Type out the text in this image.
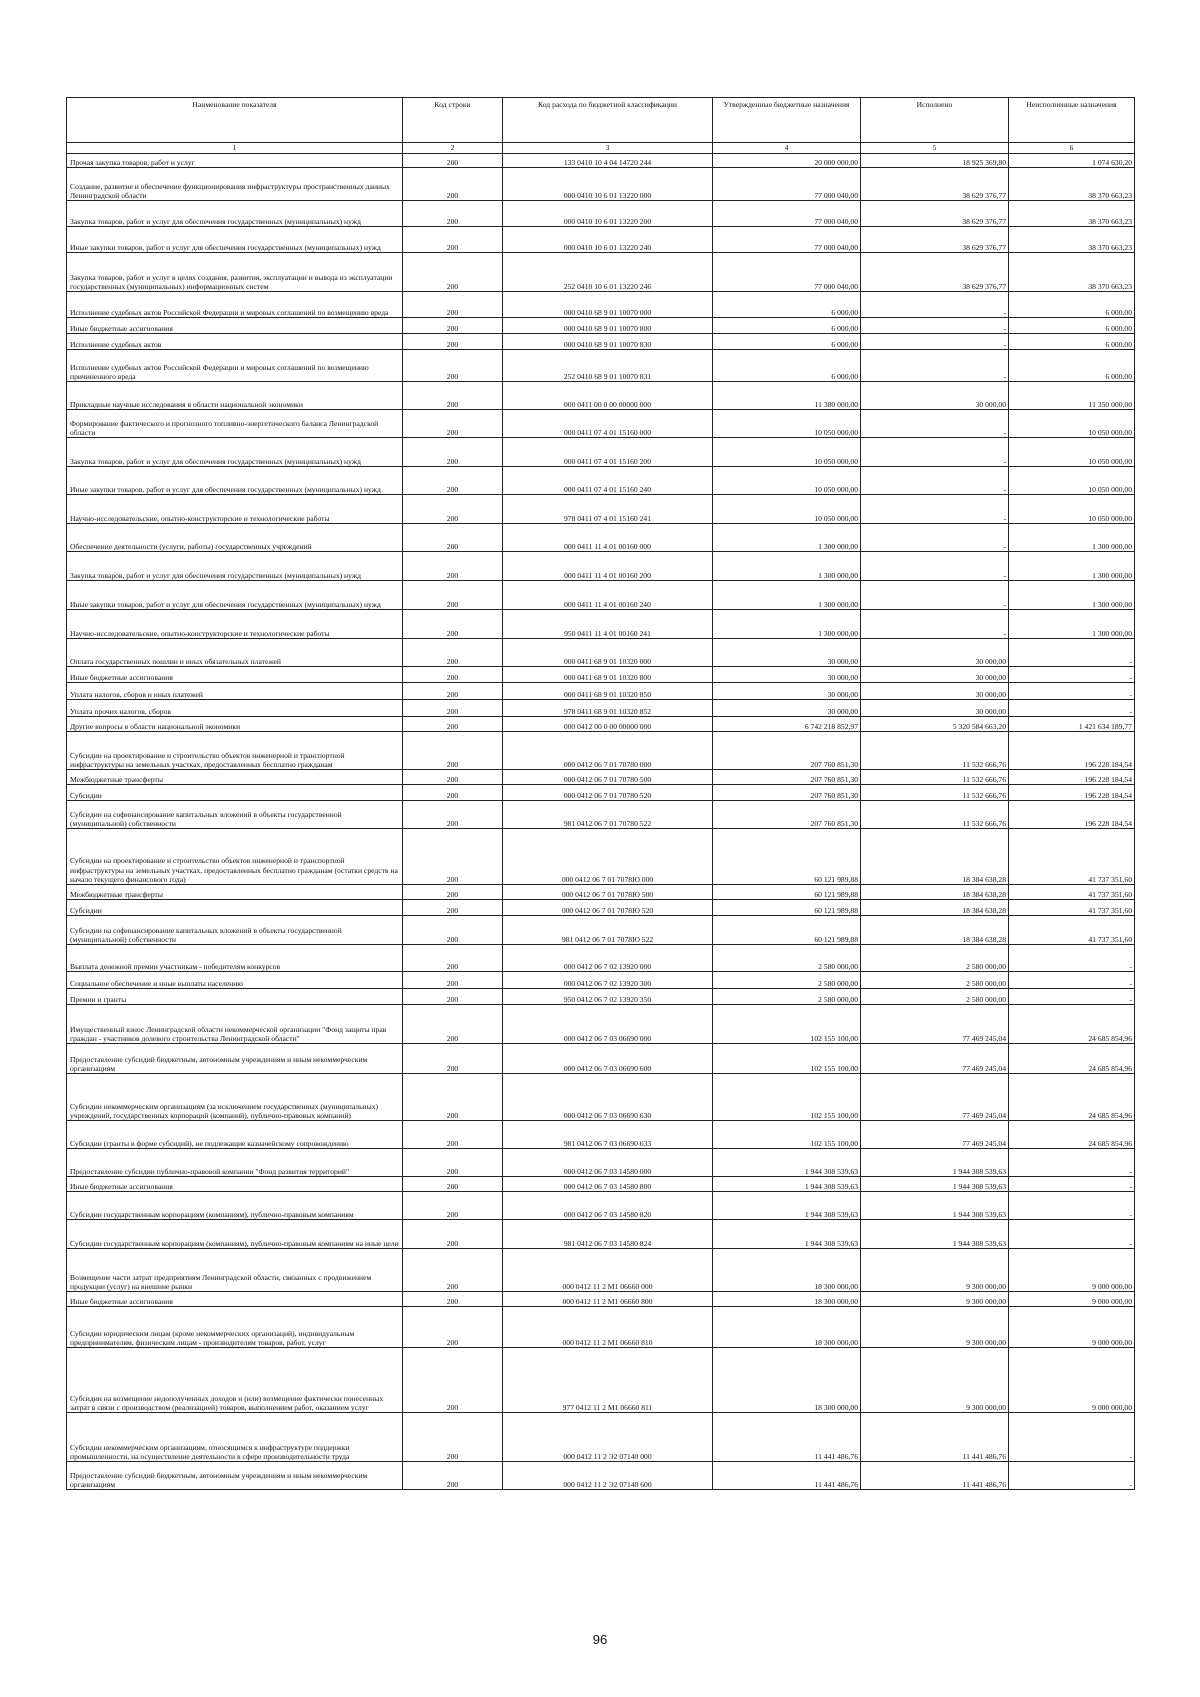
Наименование показателя	Код строки	Код расхода по бюджетной классификации	Утвержденные бюджетные назначения	Исполнено	Неисполненные назначения
1	2	3	4	5	6
Прочая закупка товаров, работ и услуг	200	133 0410 10 4 04 14720 244	20 000 000,00	18 925 369,80	1 074 630,20
Создание, развитие и обеспечение функционирования инфраструктуры пространственных данных Ленинградской области	200	000 0410 10 6 01 13220 000	77 000 040,00	38 629 376,77	38 370 663,23
Закупка товаров, работ и услуг для обеспечения государственных (муниципальных) нужд	200	000 0410 10 6 01 13220 200	77 000 040,00	38 629 376,77	38 370 663,23
Иные закупки товаров, работ и услуг для обеспечения государственных (муниципальных) нужд	200	000 0410 10 6 01 13220 240	77 000 040,00	38 629 376,77	38 370 663,23
Закупка товаров, работ и услуг в целях создания, развития, эксплуатации и вывода из эксплуатации государственных (муниципальных) информационных систем	200	252 0410 10 6 01 13220 246	77 000 040,00	38 629 376,77	38 370 663,23
Исполнение судебных актов Российской Федерации и мировых соглашений по возмещению вреда	200	000 0410 68 9 01 10070 000	6 000,00	-	6 000,00
Иные бюджетные ассигнования	200	000 0410 68 9 01 10070 800	6 000,00	-	6 000,00
Исполнение судебных актов	200	000 0410 68 9 01 10070 830	6 000,00	-	6 000,00
Исполнение судебных актов Российской Федерации и мировых соглашений по возмещению причиненного вреда	200	252 0410 68 9 01 10070 831	6 000,00	-	6 000,00
Прикладные научные исследования в области национальной экономики	200	000 0411 00 0 00 00000 000	11 380 000,00	30 000,00	11 350 000,00
Формирование фактического и прогнозного топливно-энергетического баланса Ленинградской области	200	000 0411 07 4 01 15160 000	10 050 000,00	-	10 050 000,00
Закупка товаров, работ и услуг для обеспечения государственных (муниципальных) нужд	200	000 0411 07 4 01 15160 200	10 050 000,00	-	10 050 000,00
Иные закупки товаров, работ и услуг для обеспечения государственных (муниципальных) нужд	200	000 0411 07 4 01 15160 240	10 050 000,00	-	10 050 000,00
Научно-исследовательские, опытно-конструкторские и технологические работы	200	978 0411 07 4 01 15160 241	10 050 000,00	-	10 050 000,00
Обеспечение деятельности (услуги, работы) государственных учреждений	200	000 0411 11 4 01 00160 000	1 300 000,00	-	1 300 000,00
Закупка товаров, работ и услуг для обеспечения государственных (муниципальных) нужд	200	000 0411 11 4 01 00160 200	1 300 000,00	-	1 300 000,00
Иные закупки товаров, работ и услуг для обеспечения государственных (муниципальных) нужд	200	000 0411 11 4 01 00160 240	1 300 000,00	-	1 300 000,00
Научно-исследовательские, опытно-конструкторские и технологические работы	200	950 0411 11 4 01 00160 241	1 300 000,00	-	1 300 000,00
Оплата государственных пошлин и иных обязательных платежей	200	000 0411 68 9 01 10320 000	30 000,00	30 000,00	-
Иные бюджетные ассигнования	200	000 0411 68 9 01 10320 800	30 000,00	30 000,00	-
Уплата налогов, сборов и иных платежей	200	000 0411 68 9 01 10320 850	30 000,00	30 000,00	-
Уплата прочих налогов, сборов	200	978 0411 68 9 01 10320 852	30 000,00	30 000,00	-
Другие вопросы в области национальной экономики	200	000 0412 00 0 00 00000 000	6 742 218 852,97	5 320 584 663,20	1 421 634 189,77
Субсидии на проектирование и строительство объектов инженерной и транспортной инфраструктуры на земельных участках, предоставленных бесплатно гражданам	200	000 0412 06 7 01 70780 000	207 760 851,30	11 532 666,76	196 228 184,54
Межбюджетные трансферты	200	000 0412 06 7 01 70780 500	207 760 851,30	11 532 666,76	196 228 184,54
Субсидии	200	000 0412 06 7 01 70780 520	207 760 851,30	11 532 666,76	196 228 184,54
Субсидии на софинансирование капитальных вложений в объекты государственной (муниципальной) собственности	200	981 0412 06 7 01 70780 522	207 760 851,30	11 532 666,76	196 228 184,54
Субсидии на проектирование и строительство объектов инженерной и транспортной инфраструктуры на земельных участках, предоставленных бесплатно гражданам (остатки средств на начало текущего финансового года)	200	000 0412 06 7 01 7078Ю 000	60 121 989,88	18 384 638,28	41 737 351,60
Межбюджетные трансферты	200	000 0412 06 7 01 7078Ю 500	60 121 989,88	18 384 638,28	41 737 351,60
Субсидии	200	000 0412 06 7 01 7078Ю 520	60 121 989,88	18 384 638,28	41 737 351,60
Субсидии на софинансирование капитальных вложений в объекты государственной (муниципальной) собственности	200	981 0412 06 7 01 7078Ю 522	60 121 989,88	18 384 638,28	41 737 351,60
Выплата денежной премии участникам - победителям конкурсов	200	000 0412 06 7 02 13920 000	2 580 000,00	2 580 000,00	-
Социальное обеспечение и иные выплаты населению	200	000 0412 06 7 02 13920 300	2 580 000,00	2 580 000,00	-
Премии и гранты	200	950 0412 06 7 02 13920 350	2 580 000,00	2 580 000,00	-
Имущественный взнос Ленинградской области некоммерческой организации "Фонд защиты прав граждан - участников долевого строительства Ленинградской области"	200	000 0412 06 7 03 06690 000	102 155 100,00	77 469 245,04	24 685 854,96
Предоставление субсидий бюджетным, автономным учреждениям и иным некоммерческим организациям	200	000 0412 06 7 03 06690 600	102 155 100,00	77 469 245,04	24 685 854,96
Субсидии некоммерческим организациям (за исключением государственных (муниципальных) учреждений, государственных корпораций (компаний), публично-правовых компаний)	200	000 0412 06 7 03 06690 630	102 155 100,00	77 469 245,04	24 685 854,96
Субсидии (гранты в форме субсидий), не подлежащие казначейскому сопровождению	200	981 0412 06 7 03 06690 633	102 155 100,00	77 469 245,04	24 685 854,96
Предоставление субсидии публично-правовой компании "Фонд развития территорий"	200	000 0412 06 7 03 14580 000	1 944 308 539,63	1 944 308 539,63	-
Иные бюджетные ассигнования	200	000 0412 06 7 03 14580 800	1 944 308 539,63	1 944 308 539,63	-
Субсидии государственным корпорациям (компаниям), публично-правовым компаниям	200	000 0412 06 7 03 14580 820	1 944 308 539,63	1 944 308 539,63	-
Субсидии государственным корпорациям (компаниям), публично-правовым компаниям на иные цели	200	981 0412 06 7 03 14580 824	1 944 308 539,63	1 944 308 539,63	-
Возмещение части затрат предприятиям Ленинградской области, связанных с продвижением продукции (услуг) на внешние рынки	200	000 0412 11 2 M1 06660 000	18 300 000,00	9 300 000,00	9 000 000,00
Иные бюджетные ассигнования	200	000 0412 11 2 M1 06660 800	18 300 000,00	9 300 000,00	9 000 000,00
Субсидии юридическим лицам (кроме некоммерческих организаций), индивидуальным предпринимателям, физическим лицам - производителям товаров, работ, услуг	200	000 0412 11 2 M1 06660 810	18 300 000,00	9 300 000,00	9 000 000,00
Субсидии на возмещение недополученных доходов и (или) возмещение фактически понесенных затрат в связи с производством (реализацией) товаров, выполнением работ, оказанием услуг	200	977 0412 11 2 M1 06660 811	18 300 000,00	9 300 000,00	9 000 000,00
Субсидии некоммерческим организациям, относящимся к инфраструктуре поддержки промышленности, на осуществление деятельности в сфере производительности труда	200	000 0412 11 2 Э2 07140 000	11 441 486,76	11 441 486,76	-
Предоставление субсидий бюджетным, автономным учреждениям и иным некоммерческим организациям	200	000 0412 11 2 Э2 07140 600	11 441 486,76	11 441 486,76	-
96
